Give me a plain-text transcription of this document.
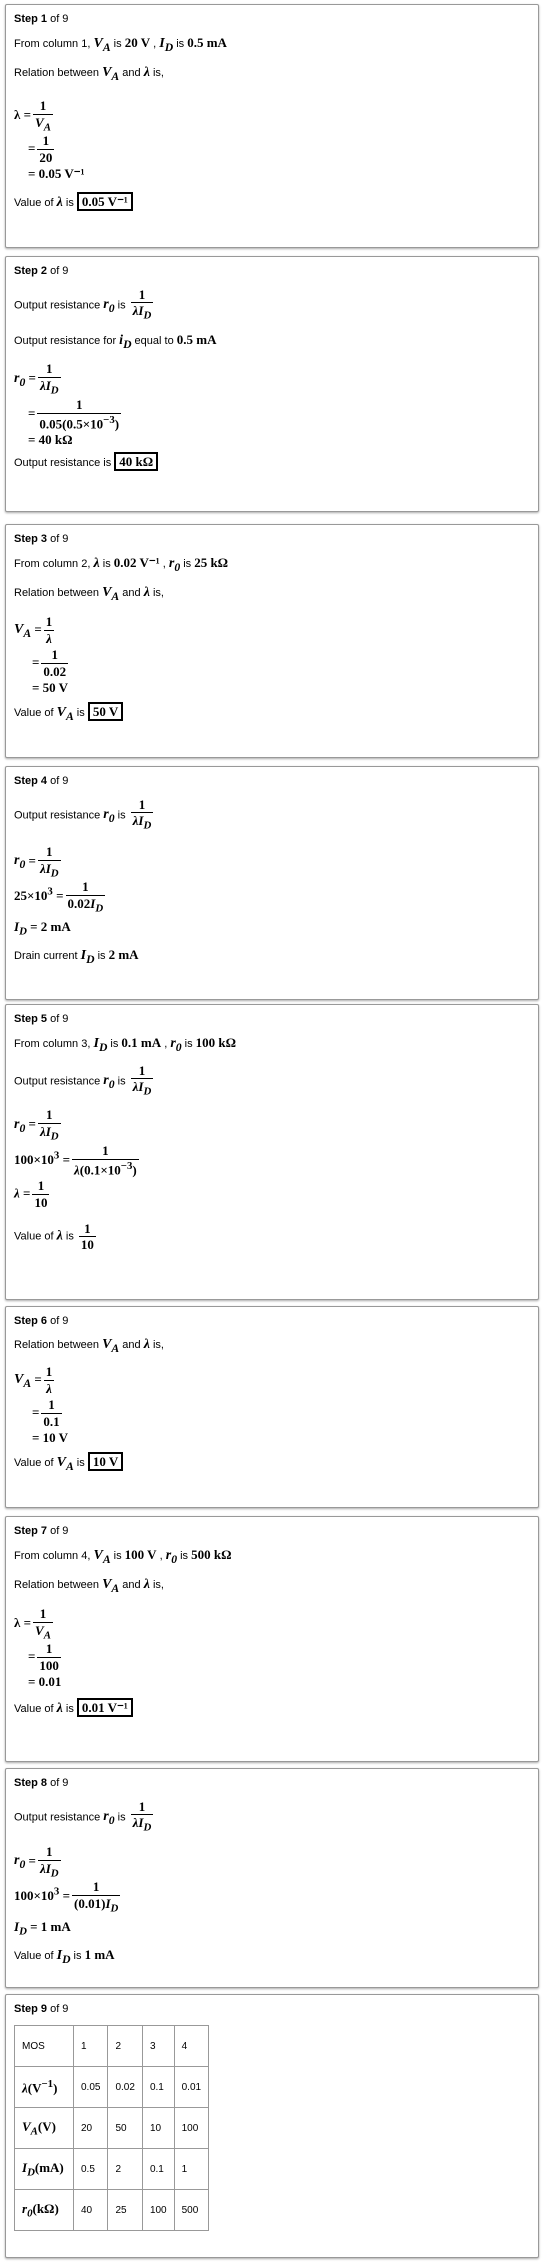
Step 1 of 9
From column 1, $V_A$ is 20 V , $I_D$ is 0.5 mA
Relation between $V_A$ and λ is,
$\lambda = \frac{1}{V_A}$
= $\frac{1}{20}$
= 0.05 V⁻¹
Value of λ is 0.05 V⁻¹
Step 2 of 9
Output resistance $r_0$ is $\frac{1}{\lambda I_D}$
Output resistance for $i_D$ equal to 0.5 mA
$r_0 = \frac{1}{\lambda I_D}$
= $\frac{1}{0.05(0.5\times 10^{-3})}$
= 40 kΩ
Output resistance is 40 kΩ
Step 3 of 9
From column 2, λ is 0.02 V⁻¹ , $r_0$ is 25 kΩ
Relation between $V_A$ and λ is,
$V_A = \frac{1}{\lambda}$
= $\frac{1}{0.02}$
= 50 V
Value of $V_A$ is 50 V
Step 4 of 9
Output resistance $r_0$ is $\frac{1}{\lambda I_D}$
$r_0 = \frac{1}{\lambda I_D}$
$25\times 10^3 = \frac{1}{0.02I_D}$
$I_D = 2$ mA
Drain current $I_D$ is 2 mA
Step 5 of 9
From column 3, $I_D$ is 0.1 mA , $r_0$ is 100 kΩ
Output resistance $r_0$ is $\frac{1}{\lambda I_D}$
$r_0 = \frac{1}{\lambda I_D}$
$100\times 10^3 = \frac{1}{\lambda(0.1\times 10^{-3})}$
$\lambda = \frac{1}{10}$
Value of λ is $\frac{1}{10}$
Step 6 of 9
Relation between $V_A$ and λ is,
$V_A = \frac{1}{\lambda}$
= $\frac{1}{0.1}$
= 10 V
Value of $V_A$ is 10 V
Step 7 of 9
From column 4, $V_A$ is 100 V , $r_0$ is 500 kΩ
Relation between $V_A$ and λ is,
$\lambda = \frac{1}{V_A}$
= $\frac{1}{100}$
= 0.01
Value of λ is 0.01 V⁻¹
Step 8 of 9
Output resistance $r_0$ is $\frac{1}{\lambda I_D}$
$r_0 = \frac{1}{\lambda I_D}$
$100\times 10^3 = \frac{1}{(0.01)I_D}$
$I_D = 1$ mA
Value of $I_D$ is 1 mA
Step 9 of 9
MOS	1	2	3	4
$\lambda(V^{-1})$	0.05	0.02	0.1	0.01
$V_A(V)$	20	50	10	100
$I_D(mA)$	0.5	2	0.1	1
$r_0(k\Omega)$	40	25	100	500
